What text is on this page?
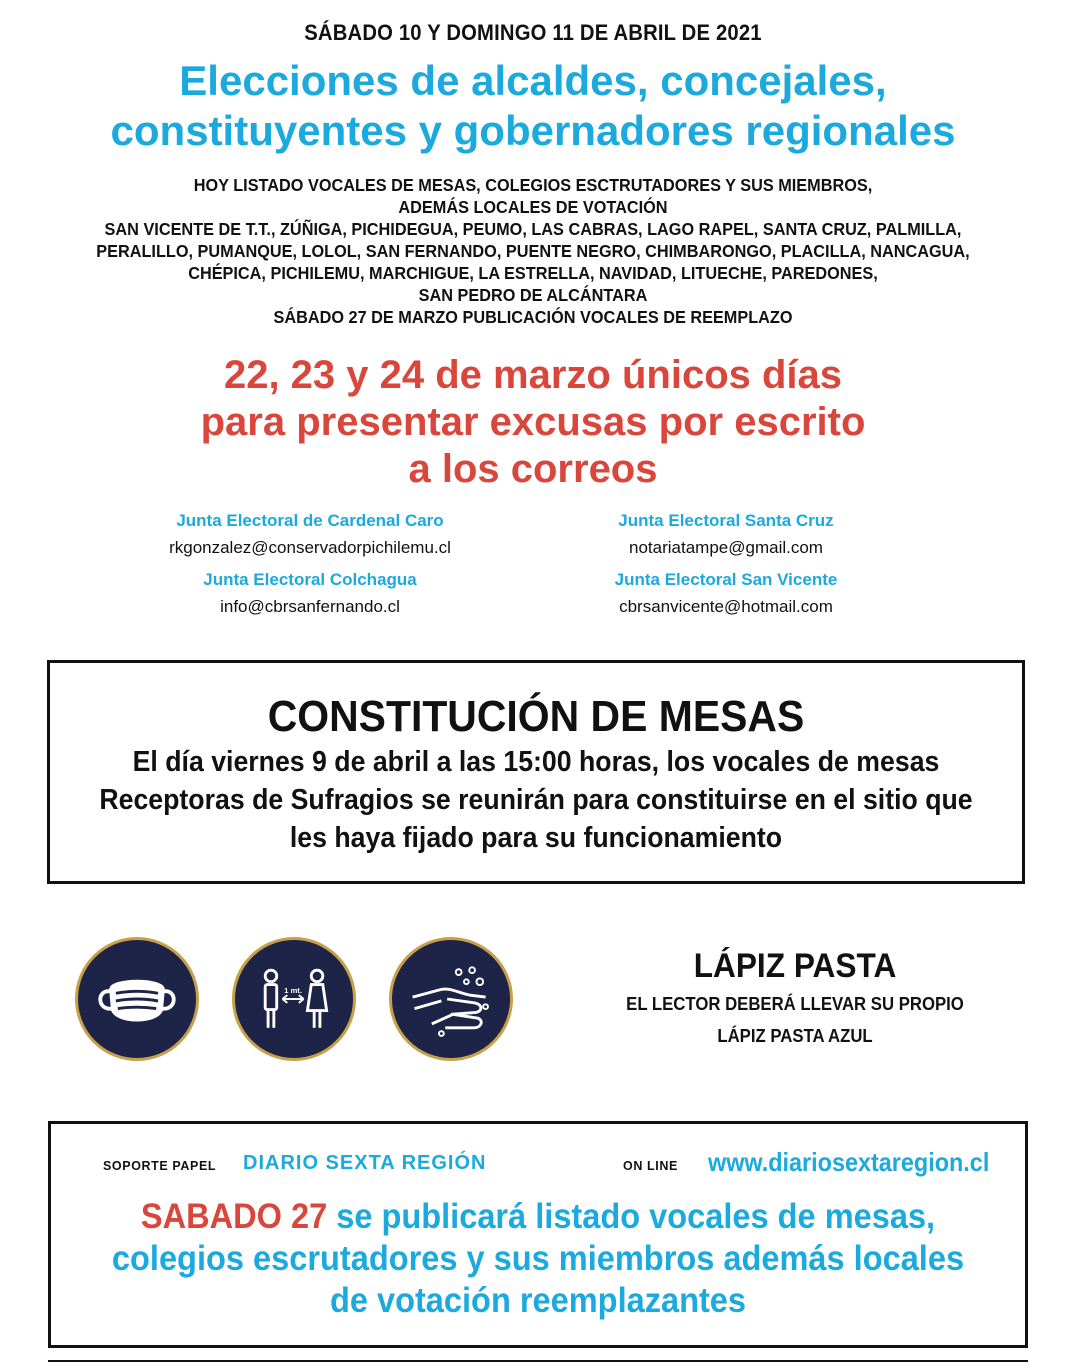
SÁBADO 10 Y DOMINGO 11 DE ABRIL DE 2021
Elecciones de alcaldes, concejales,
constituyentes y gobernadores regionales
HOY LISTADO VOCALES DE MESAS, COLEGIOS ESCTRUTADORES Y SUS MIEMBROS,
ADEMÁS LOCALES DE VOTACIÓN
SAN VICENTE DE T.T., ZÚÑIGA, PICHIDEGUA, PEUMO, LAS CABRAS, LAGO RAPEL, SANTA CRUZ, PALMILLA,
PERALILLO, PUMANQUE, LOLOL, SAN FERNANDO, PUENTE NEGRO, CHIMBARONGO, PLACILLA, NANCAGUA,
CHÉPICA, PICHILEMU, MARCHIGUE, LA ESTRELLA, NAVIDAD, LITUECHE, PAREDONES,
SAN PEDRO DE ALCÁNTARA
SÁBADO 27 DE MARZO PUBLICACIÓN VOCALES DE REEMPLAZO
22, 23 y 24 de marzo únicos días
para presentar excusas por escrito
a los correos
Junta Electoral de Cardenal Caro
rkgonzalez@conservadorpichilemu.cl
Junta Electoral Santa Cruz
notariatampe@gmail.com
Junta Electoral Colchagua
info@cbrsanfernando.cl
Junta Electoral San Vicente
cbrsanvicente@hotmail.com
CONSTITUCIÓN DE MESAS
El día viernes 9 de abril a las 15:00 horas, los vocales de mesas
Receptoras de Sufragios se reunirán para constituirse en el sitio que
les haya fijado para su funcionamiento
1 mt.
LÁPIZ PASTA
EL LECTOR DEBERÁ LLEVAR SU PROPIO
LÁPIZ PASTA AZUL
SOPORTE PAPEL DIARIO SEXTA REGIÓN	ON LINE www.diariosextaregion.cl
SABADO 27 se publicará listado vocales de mesas,
colegios escrutadores y sus miembros además locales
de votación reemplazantes
